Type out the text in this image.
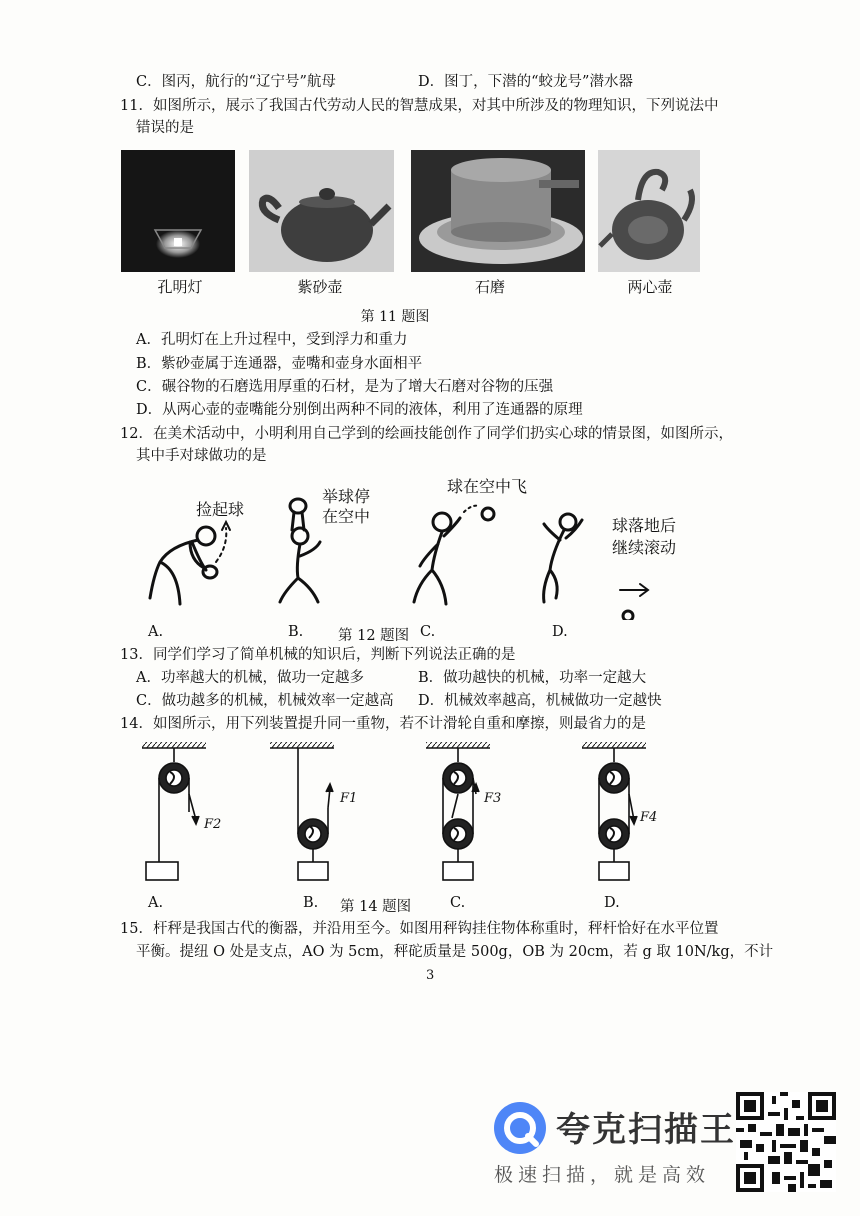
C．图丙，航行的“辽宁号”航母	D．图丁，下潜的“蛟龙号”潜水器
11．如图所示，展示了我国古代劳动人民的智慧成果，对其中所涉及的物理知识，下列说法中
错误的是
孔明灯	紫砂壶	石磨	两心壶
第 11 题图
A．孔明灯在上升过程中，受到浮力和重力
B．紫砂壶属于连通器，壶嘴和壶身水面相平
C．碾谷物的石磨选用厚重的石材，是为了增大石磨对谷物的压强
D．从两心壶的壶嘴能分别倒出两种不同的液体，利用了连通器的原理
12．在美术活动中，小明利用自己学到的绘画技能创作了同学们扔实心球的情景图，如图所示，
其中手对球做功的是
捡起球
举球停
在空中
球在空中飞
球落地后
继续滚动
A.	B. 第 12 题图 C.	D.
13．同学们学习了简单机械的知识后，判断下列说法正确的是
A．功率越大的机械，做功一定越多	B．做功越快的机械，功率一定越大
C．做功越多的机械，机械效率一定越高 D．机械效率越高，机械做功一定越快
14．如图所示，用下列装置提升同一重物，若不计滑轮自重和摩擦，则最省力的是
F2
F1	F3
F4
A.	B. 第 14 题图	C.	D.
15．杆秤是我国古代的衡器，并沿用至今。如图用秤钩挂住物体称重时，秤杆恰好在水平位置
平衡。提纽 O 处是支点，AO 为 5cm，秤砣质量是 500g，OB 为 20cm，若 g 取 10N/kg，不计
3
夸克扫描王
极速扫描，就是高效
